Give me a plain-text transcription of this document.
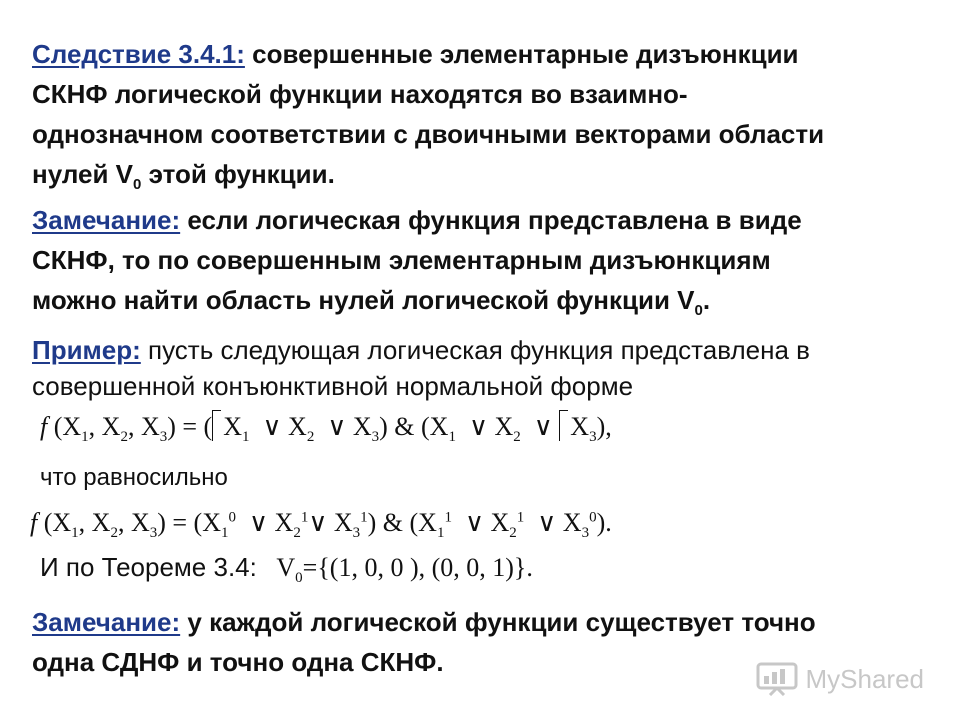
Следствие 3.4.1: совершенные элементарные дизъюнкции
СКНФ логической функции находятся во взаимно-
однозначном соответствии с двоичными векторами области
нулей $V_0$ этой функции.
Замечание: если логическая функция представлена в виде
СКНФ, то по совершенным элементарным дизъюнкциям
можно найти область нулей логической функции $V_0$.
Пример: пусть следующая логическая функция представлена в
совершенной конъюнктивной нормальной форме
f ($X_1$, $X_2$, $X_3$) = ( $X_1$  ∨ $X_2$  ∨ $X_3$) & ($X_1$  ∨ $X_2$  ∨ $X_3$),
что равносильно
f ($X_1$, $X_2$, $X_3) = (X_1^0$  ∨ $X_2^1\vee$ $X_3^1$) & ($X_1^1$  ∨ $X_2^1$  ∨ $X_3^0$).
И по Теореме 3.4: $V_0=\{(1$, 0, 0 ), (0, 0, 1)}.
Замечание: у каждой логической функции существует точно
одна СДНФ и точно одна СКНФ.
MyShared
